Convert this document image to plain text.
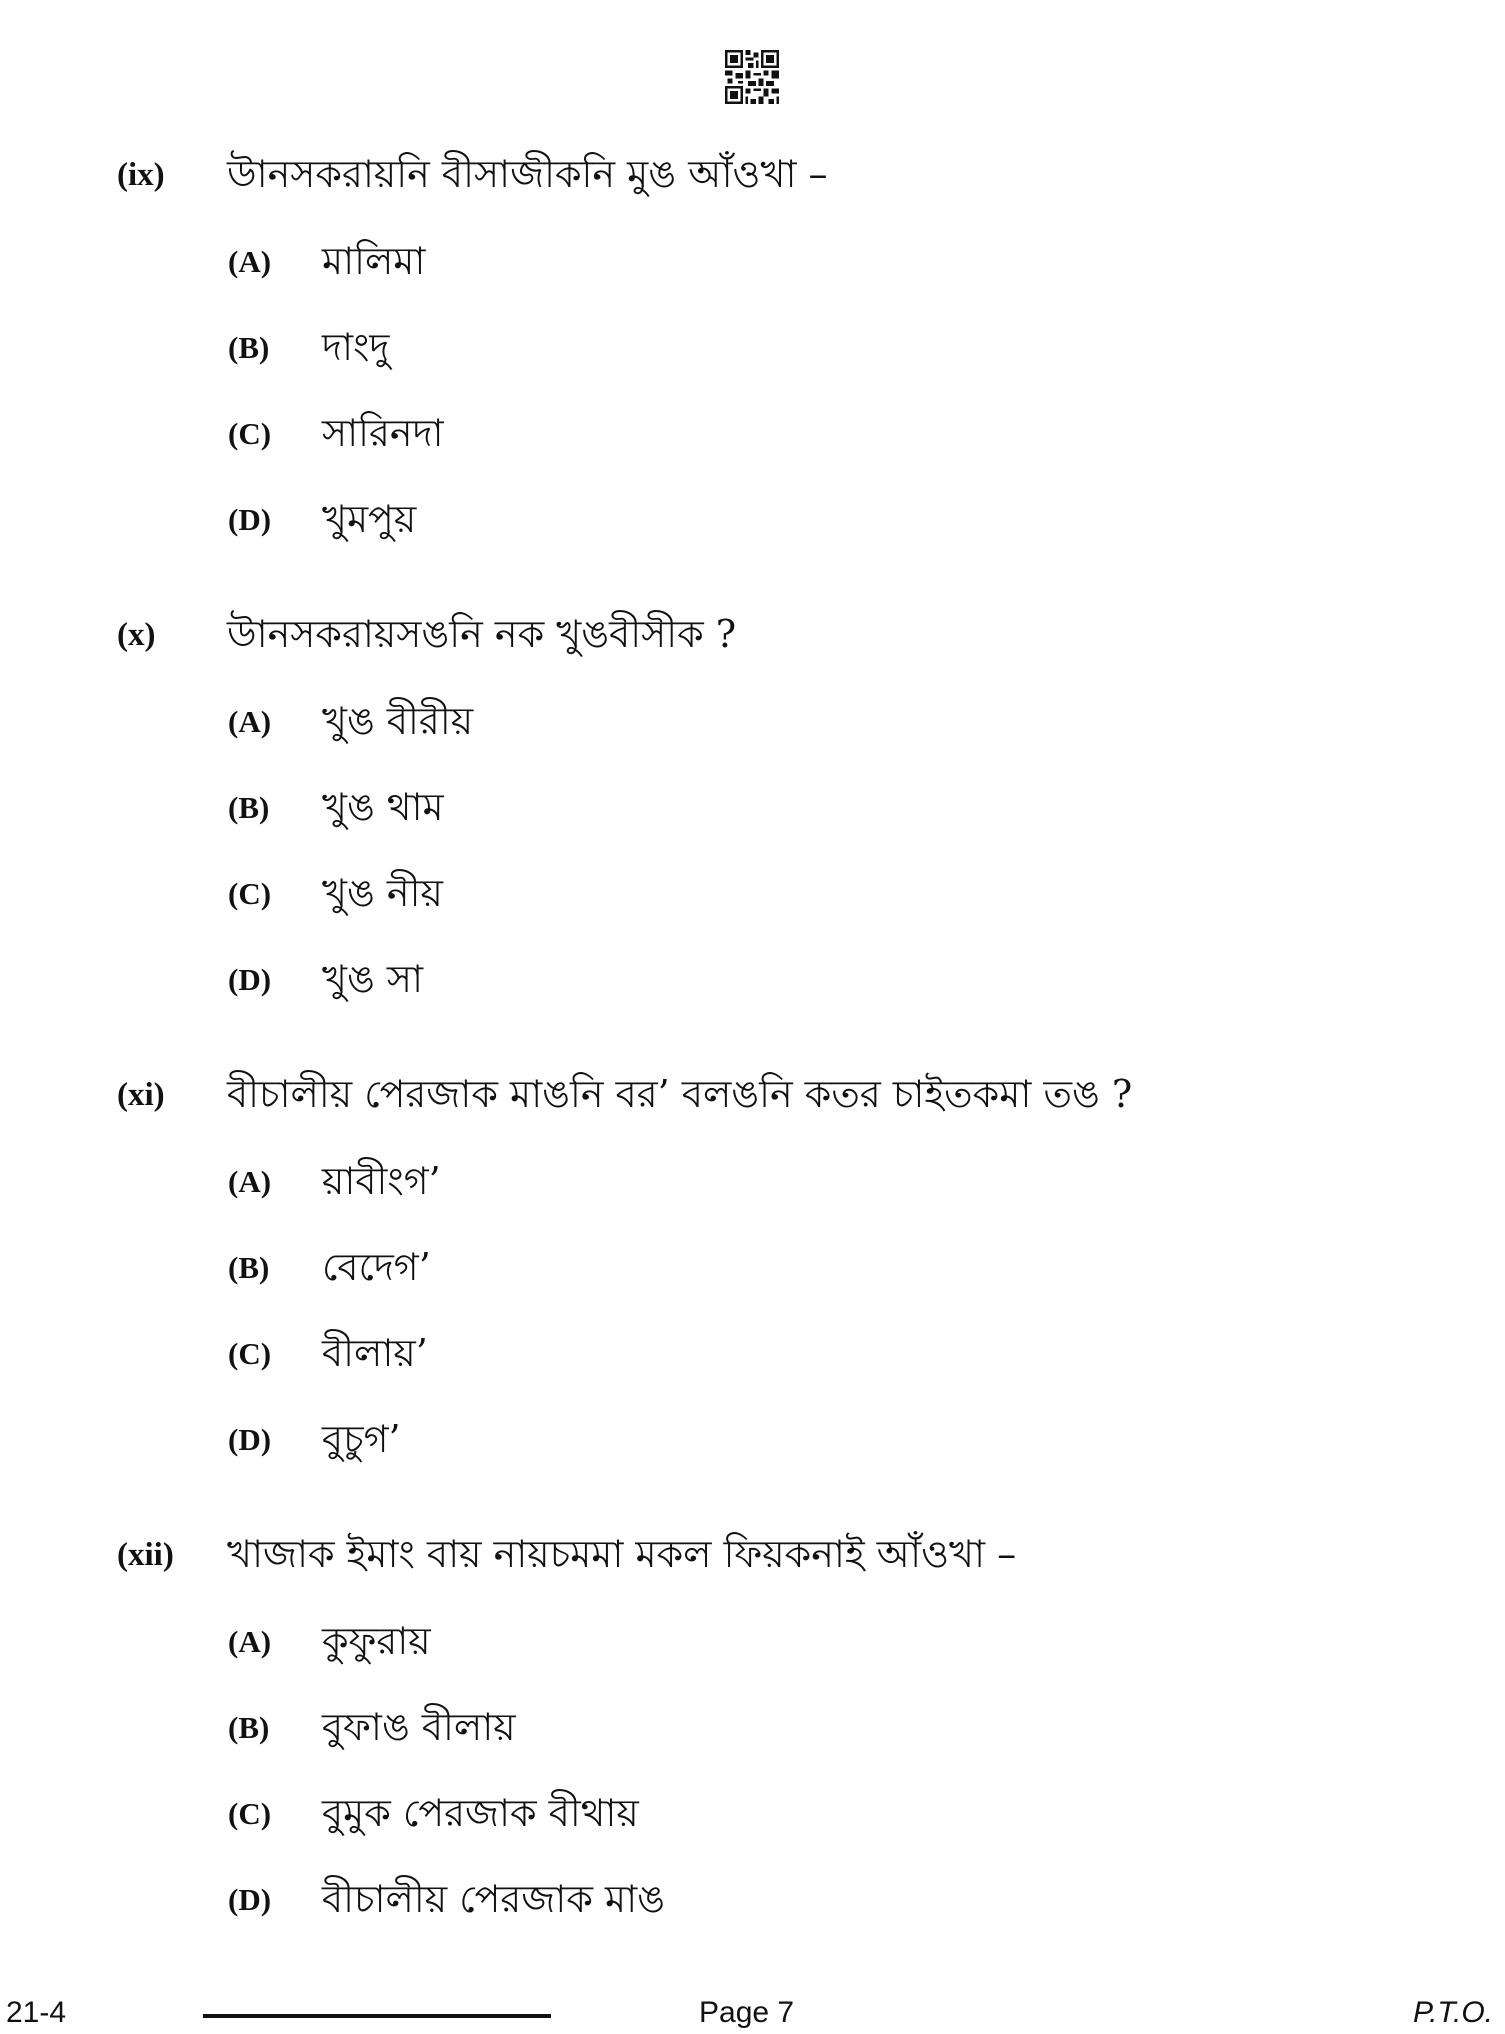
(ix) উানসকরায়নি বীসাজীকনি মুঙ আঁওখা –
(A) মালিমা
(B) দাংদু
(C) সারিনদা
(D) খুমপুয়
(x) উানসকরায়সঙনি নক খুঙবীসীক ?
(A) খুঙ বীরীয়
(B) খুঙ থাম
(C) খুঙ নীয়
(D) খুঙ সা
(xi) বীচালীয় পেরজাক মাঙনি বর’ বলঙনি কতর চাইতকমা তঙ ?
(A) য়াবীংগ’
(B) বেদেগ’
(C) বীলায়’
(D) বুচুগ’
(xii) খাজাক ইমাং বায় নায়চমমা মকল ফিয়কনাই আঁওখা –
(A) কুফুরায়
(B) বুফাঙ বীলায়
(C) বুমুক পেরজাক বীথায়
(D) বীচালীয় পেরজাক মাঙ
21-4	Page 7	P.T.O.
